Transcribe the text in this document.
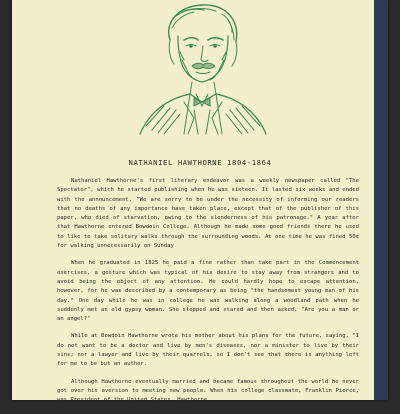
NATHANIEL HAWTHORNE 1804-1864

Nathaniel Hawthorne's first literary endeavor was a weekly newspaper called "The Spectator", which he started publishing when he was sixteen. It lasted six weeks and ended with the announcement, "We are sorry to be under the necessity of informing our readers that no deaths of any importance have taken place, except that of the publisher of this paper, who died of starvation, owing to the slenderness of his patronage." A year after that Hawthorne entered Bowdoin College. Although he made some good friends there he used to like to take solitary walks through the surrounding woods. At one time he was fined 50¢ for walking unnecessarily on Sunday

When he graduated in 1825 he paid a fine rather than take part in the Commencement exercises, a gesture which was typical of his desire to stay away from strangers and to avoid being the object of any attention. He could hardly hope to escape attention, however, for he was described by a contemporary as being "the handsomest young man of his day." One day while he was in college he was walking along a woodland path when he suddenly met an old gypsy woman. She stopped and stared and then asked, "Are you a man or an angel?"

While at Bowdoin Hawthorne wrote his mother about his plans for the future, saying, "I do not want to be a doctor and live by men's diseases, nor a minister to live by their sins; nor a lawyer and live by their quarrels, so I don't see that there is anything left for me to be but an author.

Although Hawthorne eventually married and became famous throughout the world he never got over his aversion to meeting new people. When his college classmate, Franklin Pierce, was President of the United States, Hawthorne
